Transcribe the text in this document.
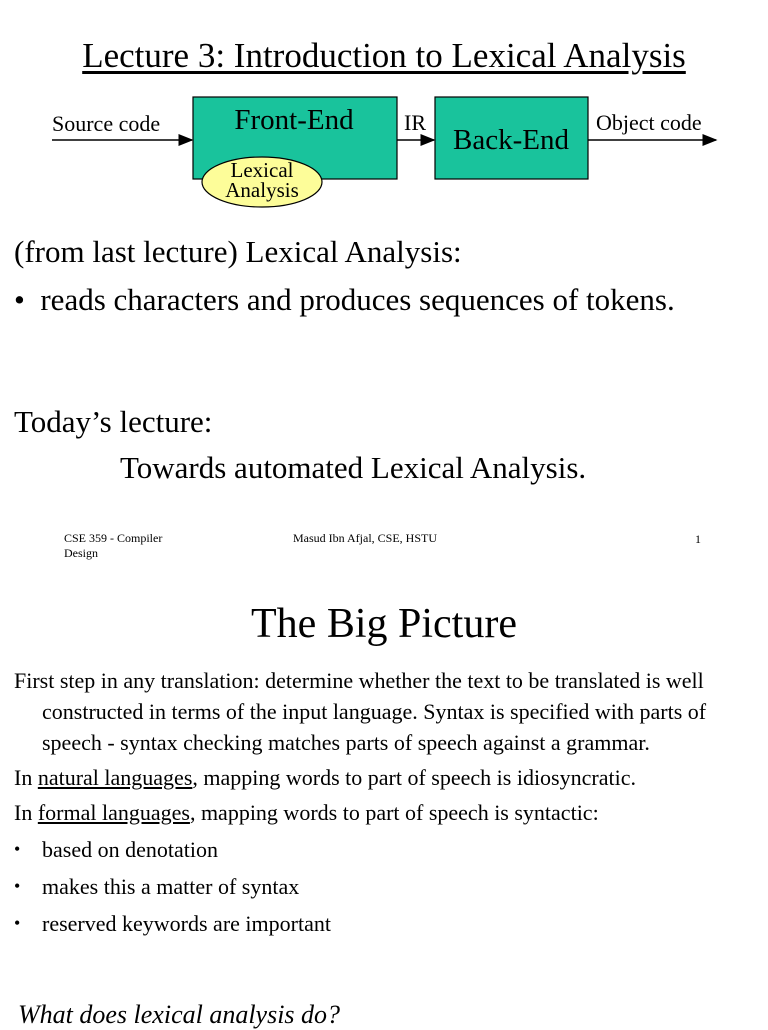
Lecture 3: Introduction to Lexical Analysis
Source code	Front-End
Lexical
Analysis
IR
Back-End
Object code
(from last lecture) Lexical Analysis:
• reads characters and produces sequences of tokens.
Today’s lecture:
Towards automated Lexical Analysis.
CSE 359 - Compiler Design
Masud Ibn Afjal, CSE, HSTU	1
The Big Picture
First step in any translation: determine whether the text to be translated is well constructed in terms of the input language. Syntax is specified with parts of speech - syntax checking matches parts of speech against a grammar.
In natural languages, mapping words to part of speech is idiosyncratic.
In formal languages, mapping words to part of speech is syntactic:
• based on denotation
• makes this a matter of syntax
• reserved keywords are important
What does lexical analysis do?
